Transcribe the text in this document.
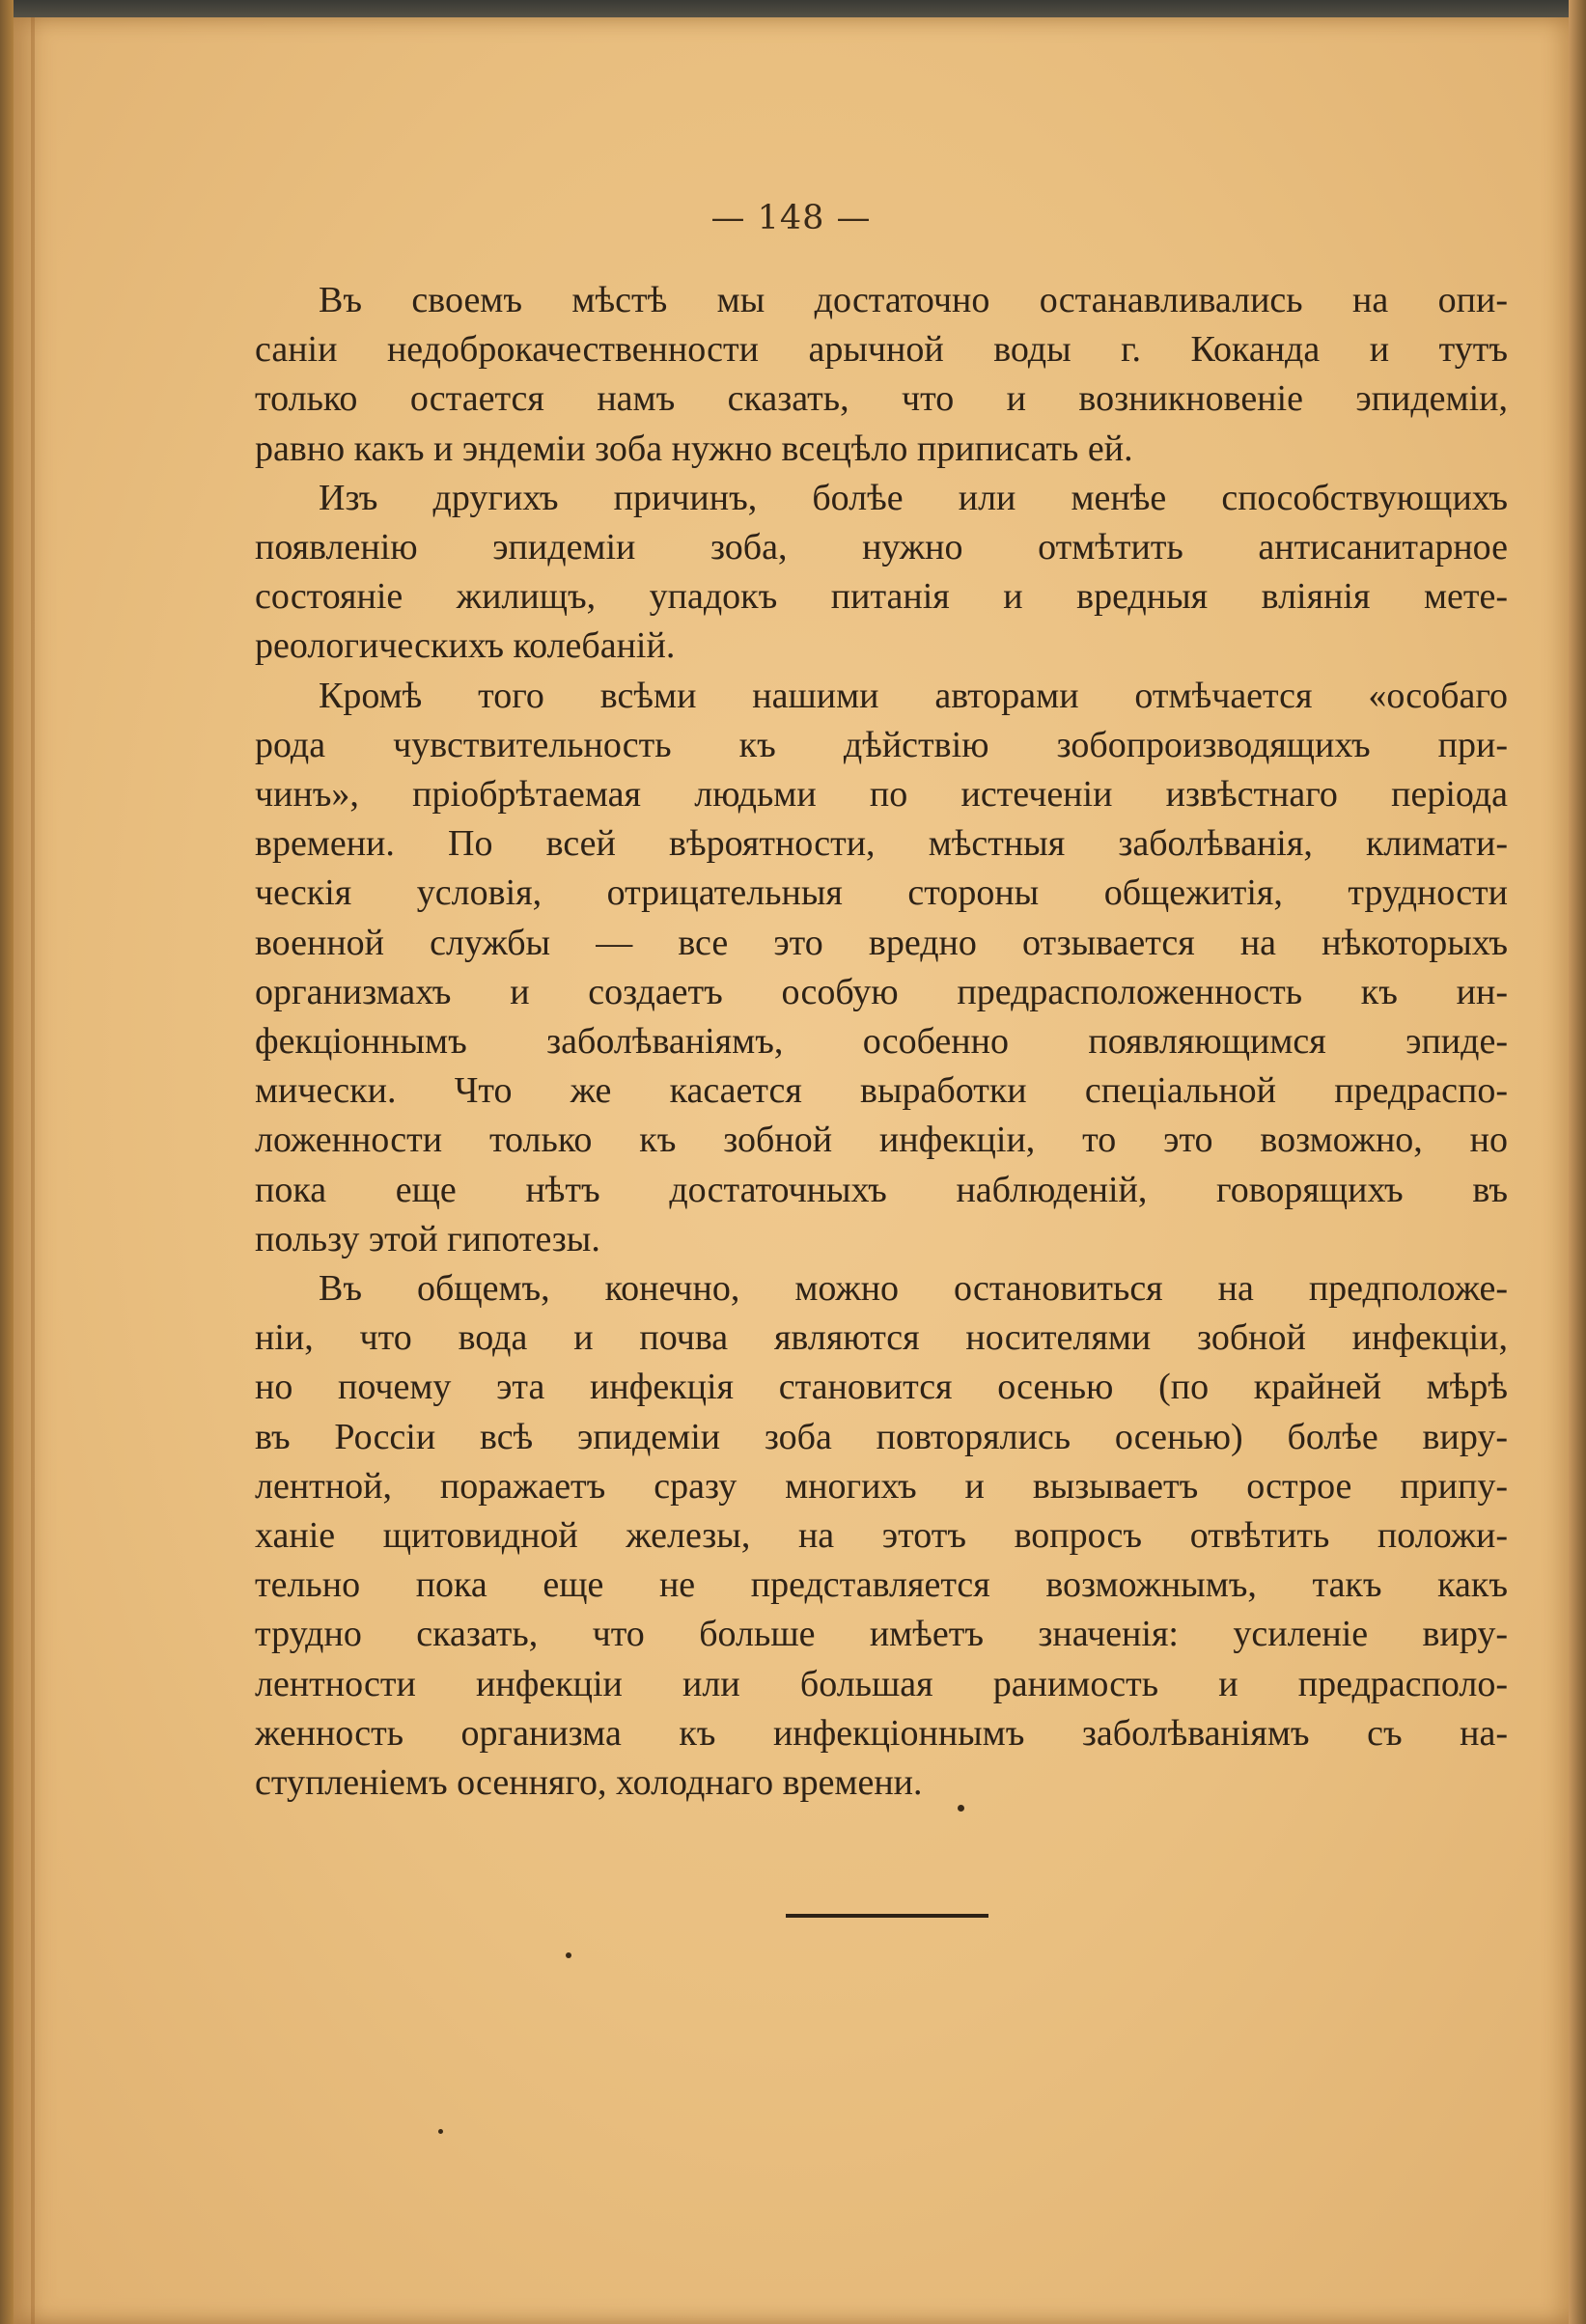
— 148 —
Въ своемъ мѣстѣ мы достаточно останавливались на опи-
саніи недоброкачественности арычной воды г. Коканда и тутъ
только остается намъ сказать, что и возникновеніе эпидеміи,
равно какъ и эндеміи зоба нужно всецѣло приписать ей.
Изъ другихъ причинъ, болѣе или менѣе способствующихъ
появленію эпидеміи зоба, нужно отмѣтить антисанитарное
состояніе жилищъ, упадокъ питанія и вредныя вліянія мете-
реологическихъ колебаній.
Кромѣ того всѣми нашими авторами отмѣчается «особаго
рода чувствительность къ дѣйствію зобопроизводящихъ при-
чинъ», пріобрѣтаемая людьми по истеченіи извѣстнаго періода
времени. По всей вѣроятности, мѣстныя заболѣванія, климати-
ческія условія, отрицательныя стороны общежитія, трудности
военной службы — все это вредно отзывается на нѣкоторыхъ
организмахъ и создаетъ особую предрасположенность къ ин-
фекціоннымъ заболѣваніямъ, особенно появляющимся эпиде-
мически. Что же касается выработки спеціальной предраспо-
ложенности только къ зобной инфекціи, то это возможно, но
пока еще нѣтъ достаточныхъ наблюденій, говорящихъ въ
пользу этой гипотезы.
Въ общемъ, конечно, можно остановиться на предположе-
ніи, что вода и почва являются носителями зобной инфекціи,
но почему эта инфекція становится осенью (по крайней мѣрѣ
въ Россіи всѣ эпидеміи зоба повторялись осенью) болѣе виру-
лентной, поражаетъ сразу многихъ и вызываетъ острое припу-
ханіе щитовидной железы, на этотъ вопросъ отвѣтить положи-
тельно пока еще не представляется возможнымъ, такъ какъ
трудно сказать, что больше имѣетъ значенія: усиленіе виру-
лентности инфекціи или большая ранимость и предрасполо-
женность организма къ инфекціоннымъ заболѣваніямъ съ на-
ступленіемъ осенняго, холоднаго времени.
